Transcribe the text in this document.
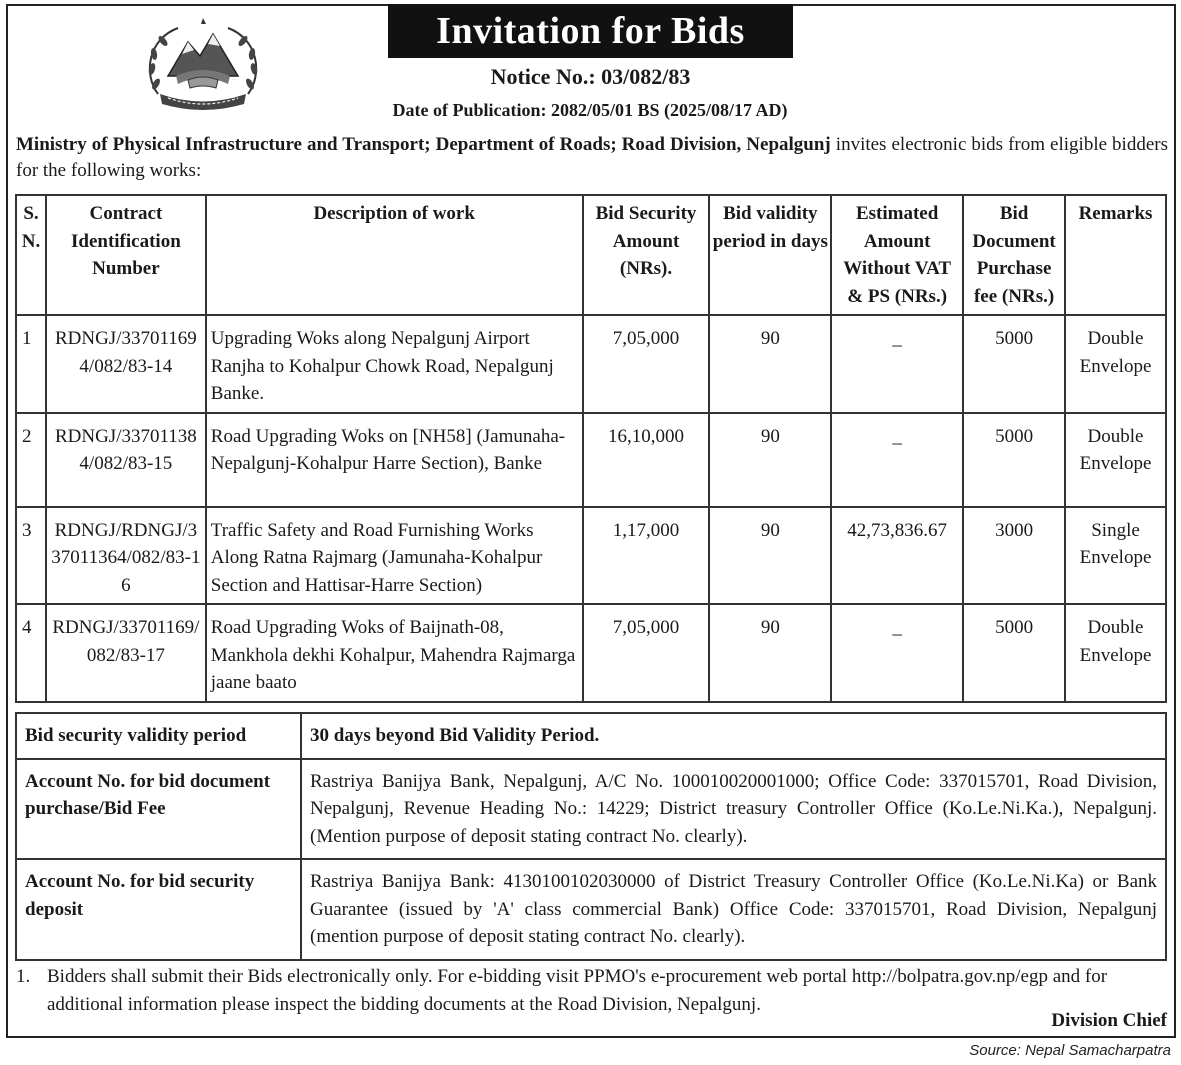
Invitation for Bids
Notice No.: 03/082/83
Date of Publication: 2082/05/01 BS (2025/08/17 AD)
Ministry of Physical Infrastructure and Transport; Department of Roads; Road Division, Nepalgunj invites electronic bids from eligible bidders for the following works:
S. N.	Contract Identification Number	Description of work	Bid Security Amount (NRs).	Bid validity period in days	Estimated Amount Without VAT & PS (NRs.)	Bid Document Purchase fee (NRs.)	Remarks
1	RDNGJ/337011694/082/83-14	Upgrading Woks along Nepalgunj Airport Ranjha to Kohalpur Chowk Road, Nepalgunj Banke.	7,05,000	90	_	5000	Double Envelope
2	RDNGJ/337011384/082/83-15	Road Upgrading Woks on [NH58] (Jamunaha-Nepalgunj-Kohalpur Harre Section), Banke	16,10,000	90	_	5000	Double Envelope
3	RDNGJ/RDNGJ/337011364/082/83-16	Traffic Safety and Road Furnishing Works Along Ratna Rajmarg (Jamunaha-Kohalpur Section and Hattisar-Harre Section)	1,17,000	90	42,73,836.67	3000	Single Envelope
4	RDNGJ/33701169/082/83-17	Road Upgrading Woks of Baijnath-08, Mankhola dekhi Kohalpur, Mahendra Rajmarga jaane baato	7,05,000	90	_	5000	Double Envelope
Bid security validity period	30 days beyond Bid Validity Period.
Account No. for bid document purchase/Bid Fee	Rastriya Banijya Bank, Nepalgunj, A/C No. 100010020001000; Office Code: 337015701, Road Division, Nepalgunj, Revenue Heading No.: 14229; District treasury Controller Office (Ko.Le.Ni.Ka.), Nepalgunj. (Mention purpose of deposit stating contract No. clearly).
Account No. for bid security deposit	Rastriya Banijya Bank: 4130100102030000 of District Treasury Controller Office (Ko.Le.Ni.Ka) or Bank Guarantee (issued by 'A' class commercial Bank) Office Code: 337015701, Road Division, Nepalgunj (mention purpose of deposit stating contract No. clearly).
1. Bidders shall submit their Bids electronically only. For e-bidding visit PPMO's e-procurement web portal http://bolpatra.gov.np/egp and for additional information please inspect the bidding documents at the Road Division, Nepalgunj.
Division Chief
Source: Nepal Samacharpatra
